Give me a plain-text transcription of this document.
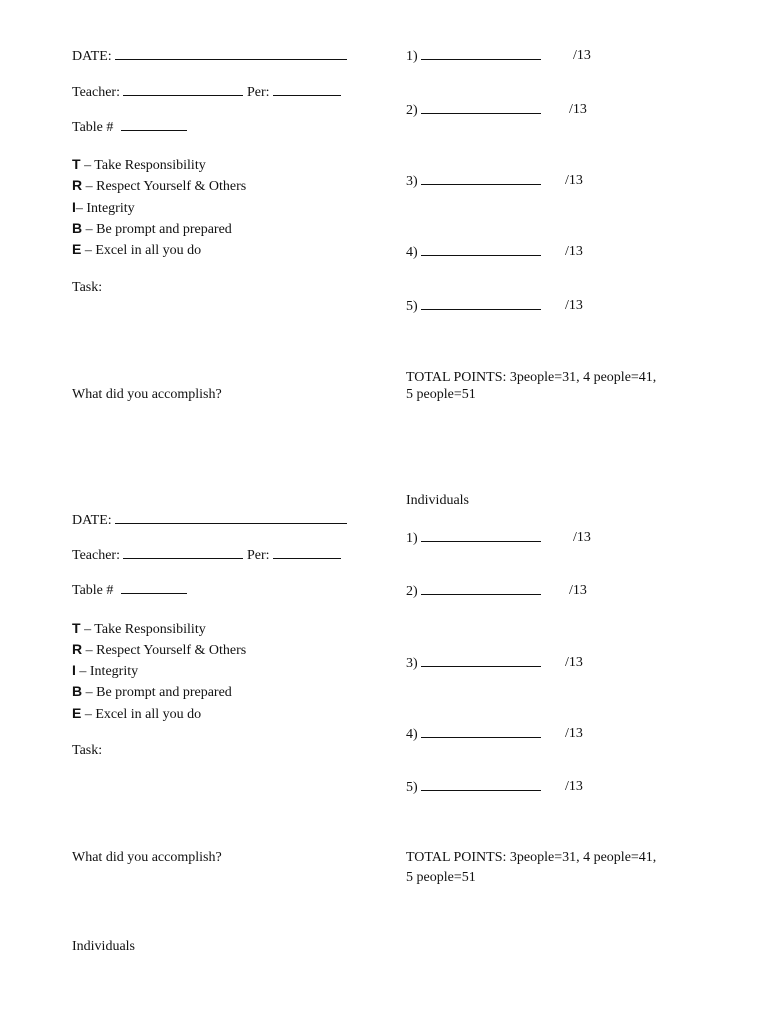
DATE:
Teacher:	Per:
Table #
T – Take Responsibility
R – Respect Yourself & Others
I– Integrity
B – Be prompt and prepared
E – Excel in all you do
Task:
What did you accomplish?
1)	/13
2)	/13
3)	/13
4)	/13
5)	/13
TOTAL POINTS: 3people=31, 4 people=41,
5 people=51
Individuals
DATE:
Teacher:	Per:
Table #
T – Take Responsibility
R – Respect Yourself & Others
I – Integrity
B – Be prompt and prepared
E – Excel in all you do
Task:
What did you accomplish?
1)	/13
2)	/13
3)	/13
4)	/13
5)	/13
TOTAL POINTS: 3people=31, 4 people=41,
5 people=51
Individuals
